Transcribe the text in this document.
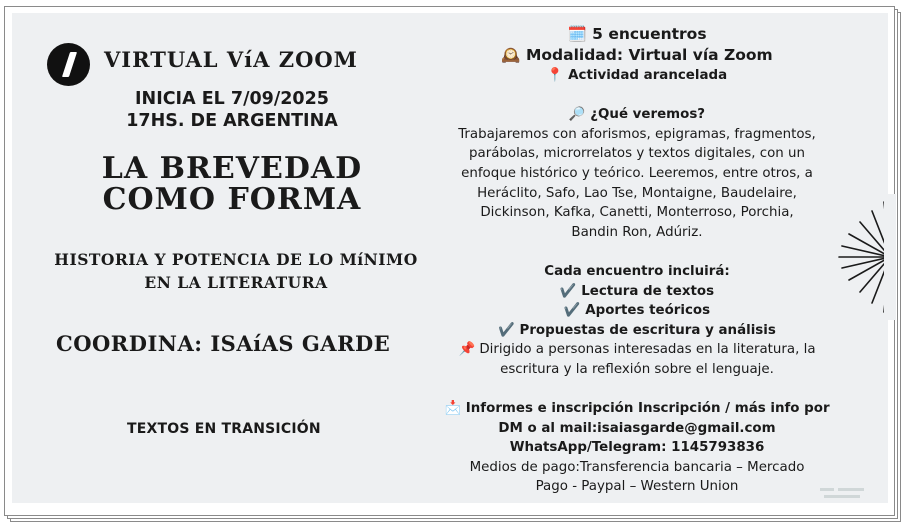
VIRTUAL VíA ZOOM
INICIA EL 7/09/2025
17HS. DE ARGENTINA
LA BREVEDAD
COMO FORMA
HISTORIA Y POTENCIA DE LO MíNIMO
EN LA LITERATURA
COORDINA: ISAíAS GARDE
TEXTOS EN TRANSICIÓN
🗓️ 5 encuentros
🕰️ Modalidad: Virtual vía Zoom
📍 Actividad arancelada
🔎 ¿Qué veremos?
Trabajaremos con aforismos, epigramas, fragmentos,
parábolas, microrrelatos y textos digitales, con un
enfoque histórico y teórico. Leeremos, entre otros, a
Heráclito, Safo, Lao Tse, Montaigne, Baudelaire,
Dickinson, Kafka, Canetti, Monterroso, Porchia,
Bandin Ron, Adúriz.
Cada encuentro incluirá:
✔️ Lectura de textos
✔️ Aportes teóricos
✔️ Propuestas de escritura y análisis
📌 Dirigido a personas interesadas en la literatura, la
escritura y la reflexión sobre el lenguaje.
📩 Informes e inscripción Inscripción / más info por
DM o al mail:isaiasgarde@gmail.com
WhatsApp/Telegram: 1145793836
Medios de pago:Transferencia bancaria – Mercado
Pago - Paypal – Western Union
